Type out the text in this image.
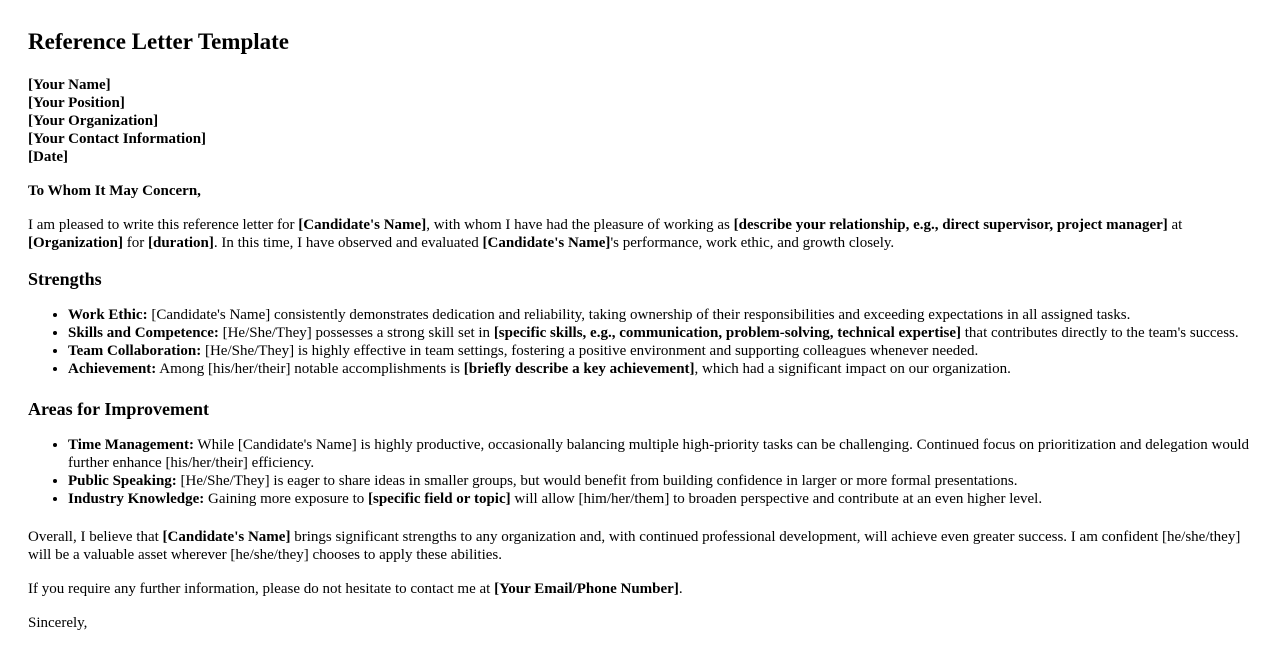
Reference Letter Template
[Your Name]
[Your Position]
[Your Organization]
[Your Contact Information]
[Date]

To Whom It May Concern,

I am pleased to write this reference letter for [Candidate's Name], with whom I have had the pleasure of working as [describe your relationship, e.g., direct supervisor, project manager] at [Organization] for [duration]. In this time, I have observed and evaluated [Candidate's Name]'s performance, work ethic, and growth closely.

Strengths
• Work Ethic: [Candidate's Name] consistently demonstrates dedication and reliability, taking ownership of their responsibilities and exceeding expectations in all assigned tasks.
• Skills and Competence: [He/She/They] possesses a strong skill set in [specific skills, e.g., communication, problem-solving, technical expertise] that contributes directly to the team's success.
• Team Collaboration: [He/She/They] is highly effective in team settings, fostering a positive environment and supporting colleagues whenever needed.
• Achievement: Among [his/her/their] notable accomplishments is [briefly describe a key achievement], which had a significant impact on our organization.
Areas for Improvement
• Time Management: While [Candidate's Name] is highly productive, occasionally balancing multiple high-priority tasks can be challenging. Continued focus on prioritization and delegation would further enhance [his/her/their] efficiency.
• Public Speaking: [He/She/They] is eager to share ideas in smaller groups, but would benefit from building confidence in larger or more formal presentations.
• Industry Knowledge: Gaining more exposure to [specific field or topic] will allow [him/her/them] to broaden perspective and contribute at an even higher level.

Overall, I believe that [Candidate's Name] brings significant strengths to any organization and, with continued professional development, will achieve even greater success. I am confident [he/she/they] will be a valuable asset wherever [he/she/they] chooses to apply these abilities.

If you require any further information, please do not hesitate to contact me at [Your Email/Phone Number].

Sincerely,
